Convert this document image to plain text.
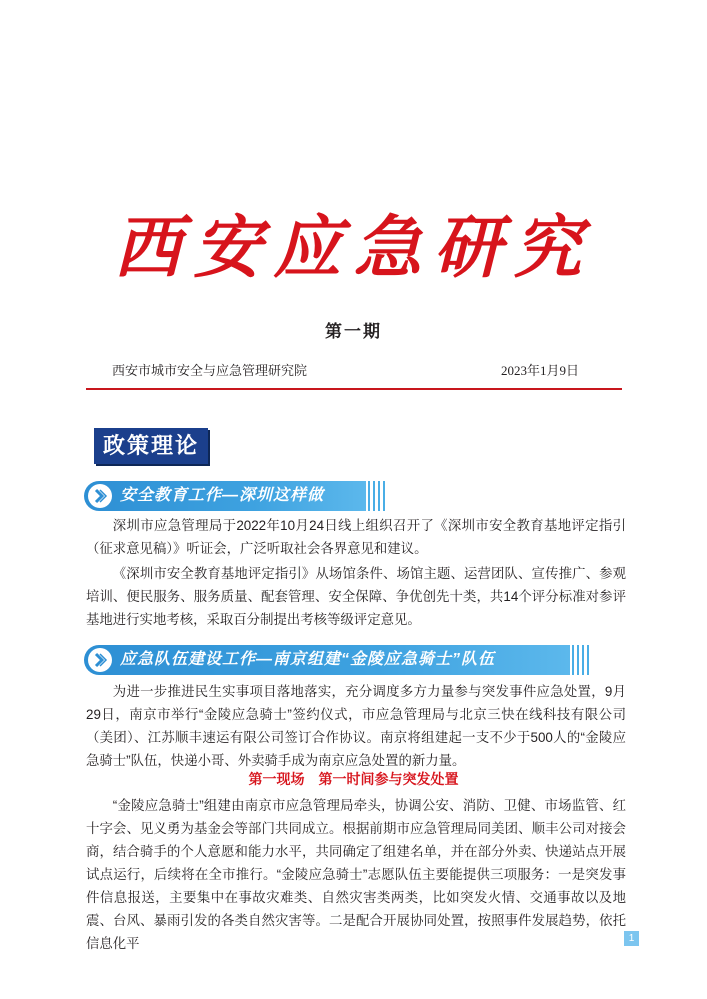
西安应急研究
第一期
西安市城市安全与应急管理研究院	2023年1月9日
政策理论
安全教育工作—深圳这样做

深圳市应急管理局于2022年10月24日线上组织召开了《深圳市安全教育基地评定指引（征求意见稿）》听证会，广泛听取社会各界意见和建议。

《深圳市安全教育基地评定指引》从场馆条件、场馆主题、运营团队、宣传推广、参观培训、便民服务、服务质量、配套管理、安全保障、争优创先十类，共14个评分标准对参评基地进行实地考核，采取百分制提出考核等级评定意见。

应急队伍建设工作—南京组建“金陵应急骑士”队伍

为进一步推进民生实事项目落地落实，充分调度多方力量参与突发事件应急处置，9月29日，南京市举行“金陵应急骑士”签约仪式，市应急管理局与北京三快在线科技有限公司（美团）、江苏顺丰速运有限公司签订合作协议。南京将组建起一支不少于500人的“金陵应急骑士”队伍，快递小哥、外卖骑手成为南京应急处置的新力量。

第一现场　第一时间参与突发处置

“金陵应急骑士”组建由南京市应急管理局牵头，协调公安、消防、卫健、市场监管、红十字会、见义勇为基金会等部门共同成立。根据前期市应急管理局同美团、顺丰公司对接会商，结合骑手的个人意愿和能力水平，共同确定了组建名单，并在部分外卖、快递站点开展试点运行，后续将在全市推行。“金陵应急骑士”志愿队伍主要能提供三项服务：一是突发事件信息报送，主要集中在事故灾难类、自然灾害类两类，比如突发火情、交通事故以及地震、台风、暴雨引发的各类自然灾害等。二是配合开展协同处置，按照事件发展趋势，依托信息化平	1
